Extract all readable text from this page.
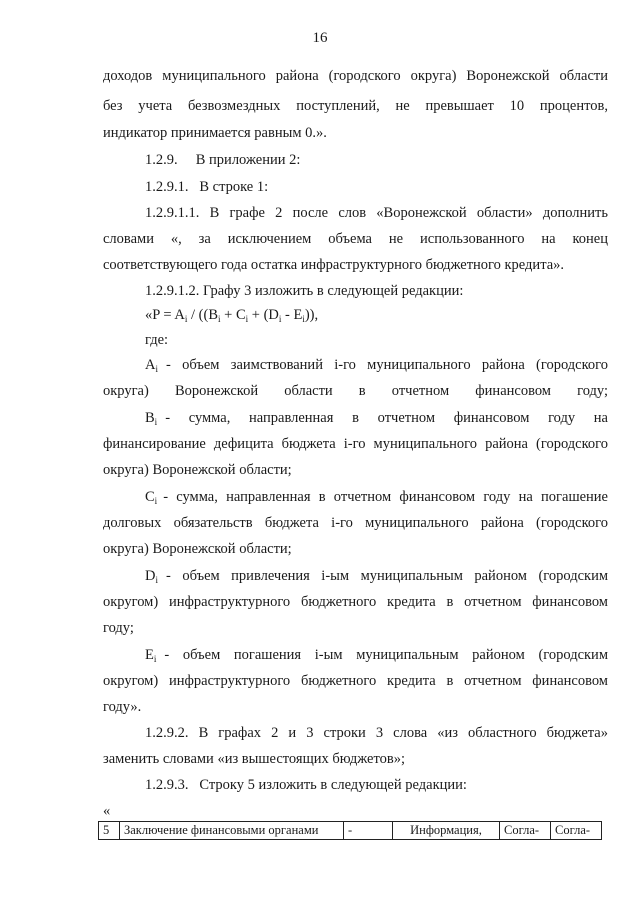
16
доходов муниципального района (городского округа) Воронежской области
без учета безвозмездных поступлений, не превышает 10 процентов,
индикатор принимается равным 0.».
1.2.9.     В приложении 2:
1.2.9.1.   В строке 1:
1.2.9.1.1. В графе 2 после слов «Воронежской области» дополнить
словами «, за исключением объема не использованного на конец
соответствующего года остатка инфраструктурного бюджетного кредита».
1.2.9.1.2. Графу 3 изложить в следующей редакции:
«$P = A_i / ((B_i + C_i + (D_i - E_i))$,
где:
$A_i$ - объем заимствований i-го муниципального района (городского
округа) Воронежской области в отчетном финансовом году;
$B_i$ - сумма, направленная в отчетном финансовом году на
финансирование дефицита бюджета i-го муниципального района (городского
округа) Воронежской области;
$C_i$ - сумма, направленная в отчетном финансовом году на погашение
долговых обязательств бюджета i-го муниципального района (городского
округа) Воронежской области;
$D_i$ - объем привлечения i-ым муниципальным районом (городским
округом) инфраструктурного бюджетного кредита в отчетном финансовом
году;
$E_i$ - объем погашения i-ым муниципальным районом (городским
округом) инфраструктурного бюджетного кредита в отчетном финансовом
году».
1.2.9.2. В графах 2 и 3 строки 3 слова «из областного бюджета»
заменить словами «из вышестоящих бюджетов»;
1.2.9.3.   Строку 5 изложить в следующей редакции:
«
5	Заключение финансовыми органами	-	Информация,	Согла-	Согла-
